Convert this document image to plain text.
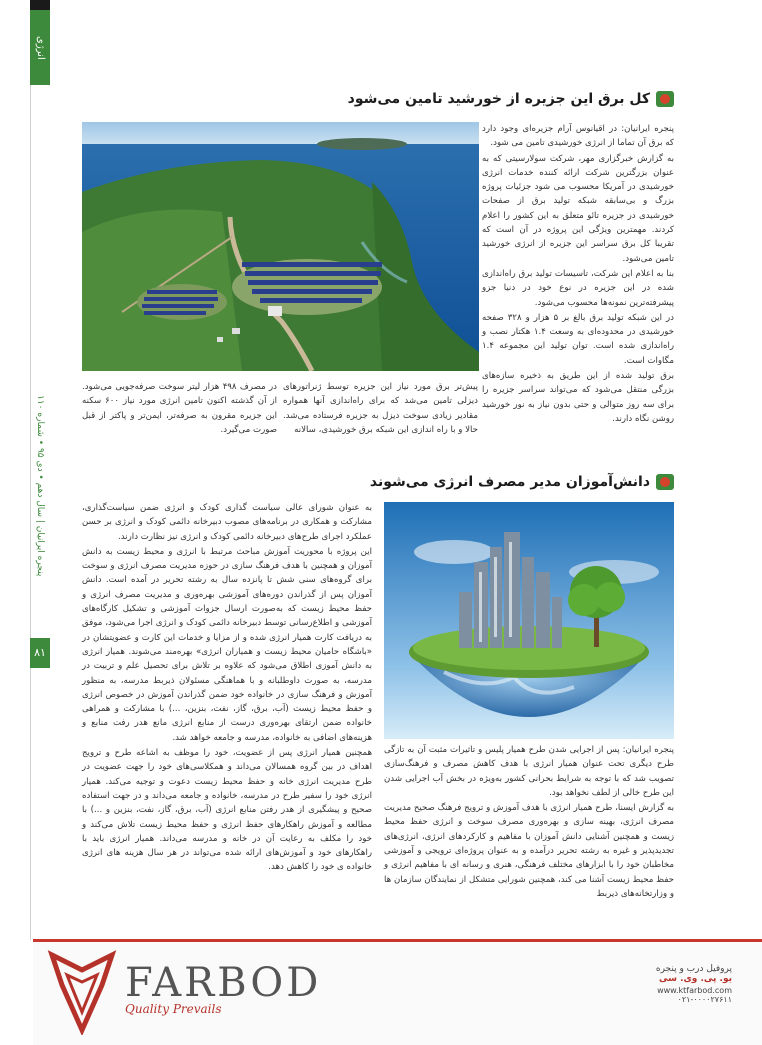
انرژی
پنجره ایرانیان | سال دهم • دی ۹۵ • شماره ۱۱۰
۸۱
کل برق این جزیره از خورشید تامین می‌شود

پنجره ایرانیان: در اقیانوس آرام جزیره‌ای وجود دارد که برق آن تماما از انرژی خورشیدی تامین می شود.

به گزارش خبرگزاری مهر، شرکت سولارسیتی که به عنوان بزرگترین شرکت ارائه کننده خدمات انرژی خورشیدی در آمریکا محسوب می شود جزئیات پروژه بزرگ و بی‌سابقه شبکه تولید برق از صفحات خورشیدی در جزیره تائو متعلق به این کشور را اعلام کردند. مهمترین ویژگی این پروژه در آن است که تقریبا کل برق سراسر این جزیره از انرژی خورشید تامین می‌شود.

بنا به اعلام این شرکت، تاسیسات تولید برق راه‌اندازی شده در این جزیره در نوع خود در دنیا جزو پیشرفته‌ترین نمونه‌ها محسوب می‌شود.

در این شبکه تولید برق بالغ بر ۵ هزار و ۳۲۸ صفحه خورشیدی در محدوده‌ای به وسعت ۱.۴ هکتار نصب و راه‌اندازی شده است. توان تولید این مجموعه ۱.۴ مگاوات است.

برق تولید شده از این طریق به ذخیره سازه‌های بزرگی منتقل می‌شود که می‌تواند سراسر جزیره را برای سه روز متوالی و حتی بدون نیاز به نور خورشید روشن نگاه دارند.

پیش‌تر برق مورد نیاز این جزیره توسط ژنراتورهای دیزلی تامین می‌شد که برای راه‌اندازی آنها همواره مقادیر زیادی سوخت دیزل به جزیره فرستاده می‌شد. حالا و با راه اندازی این شبکه برق خورشیدی، سالانه

در مصرف ۴۹۸ هزار لیتر سوخت صرفه‌جویی می‌شود. از آن گذشته اکنون تامین انرژی مورد نیاز ۶۰۰ سکنه این جزیره مقرون به صرفه‌تر، ایمن‌تر و پاکتر از قبل صورت می‌گیرد.

دانش‌آموزان مدیر مصرف انرژی می‌شوند

به عنوان شورای عالی سیاست گذاری کودک و انرژی ضمن سیاست‌گذاری، مشارکت و همکاری در برنامه‌های مصوب دبیرخانه دائمی کودک و انرژی بر حسن عملکرد اجرای طرح‌های دبیرخانه دائمی کودک و انرژی نیز نظارت دارند.

این پروژه با محوریت آموزش مباحث مرتبط با انرژی و محیط زیست به دانش آموزان و همچنین با هدف فرهنگ سازی در حوزه مدیریت مصرف انرژی و سوخت برای گروه‌های سنی شش تا پانزده سال به رشته تحریر در آمده است. دانش آموزان پس از گذراندن دوره‌های آموزشی بهره‌وری و مدیریت مصرف انرژی و حفظ محیط زیست که به‌صورت ارسال جزوات آموزشی و تشکیل کارگاه‌های آموزشی و اطلاع‌رسانی توسط دبیرخانه دائمی کودک و انرژی اجرا می‌شود، موفق به دریافت کارت همیار انرژی شده و از مزایا و خدمات این کارت و عضویتشان در «باشگاه حامیان محیط زیست و همیاران انرژی» بهره‌مند می‌شوند. همیار انرژی به دانش آموزی اطلاق می‌شود که علاوه بر تلاش برای تحصیل علم و تربیت در مدرسه، به صورت داوطلبانه و با هماهنگی مسئولان ذیربط مدرسه، به منظور آموزش و فرهنگ سازی در خانواده خود ضمن گذراندن آموزش در خصوص انرژی و حفظ محیط زیست (آب، برق، گاز، نفت، بنزین، ...) با مشارکت و همراهی خانواده ضمن ارتقای بهره‌وری درست از منابع انرژی مانع هدر رفت منابع و هزینه‌های اضافی به خانواده، مدرسه و جامعه خواهد شد.

همچنین همیار انرژی پس از عضویت، خود را موظف به اشاعه طرح و ترویج اهداف در بین گروه همسالان می‌داند و همکلاسی‌های خود را جهت عضویت در طرح مدیریت انرژی خانه و حفظ محیط زیست دعوت و توجیه می‌کند. همیار انرژی خود را سفیر طرح در مدرسه، خانواده و جامعه می‌داند و در جهت استفاده صحیح و پیشگیری از هدر رفتن منابع انرژی (آب، برق، گاز، نفت، بنزین و ...) با مطالعه و آموزش راهکارهای حفظ انرژی و حفظ محیط زیست تلاش می‌کند و خود را مکلف به رعایت آن در خانه و مدرسه می‌داند. همیار انرژی باید با راهکارهای خود و آموزش‌های ارائه شده می‌تواند در هر سال هزینه های انرژی خانواده ی خود را کاهش دهد.

پنجره ایرانیان: پس از اجرایی شدن طرح همیار پلیس و تاثیرات مثبت آن به تازگی طرح دیگری تحت عنوان همیار انرژی با هدف کاهش مصرف و فرهنگ‌سازی تصویب شد که با توجه به شرایط بحرانی کشور به‌ویژه در بخش آب اجرایی شدن این طرح خالی از لطف نخواهد بود.

به گزارش ایسنا، طرح همیار انرژی با هدف آموزش و ترویج فرهنگ صحیح مدیریت مصرف انرژی، بهینه سازی و بهره‌وری مصرف سوخت و انرژی حفظ محیط زیست و همچنین آشنایی دانش آموزان با مفاهیم و کارکردهای انرژی، انرژی‌های تجدیدپذیر و غیره به رشته تحریر درآمده و به عنوان پروژه‌ای ترویجی و آموزشی مخاطبان خود را با ابزارهای مختلف فرهنگی، هنری و رسانه ای با مفاهیم انرژی و حفظ محیط زیست آشنا می کند، همچنین شورایی متشکل از نمایندگان سازمان ها و وزارتخانه‌های ذیربط

FARBOD
Quality Prevails
پروفیل درب و پنجره
یو. پی. وی. سی
www.ktfarbod.com
۰۲۱-۰۰۰۰۲۷۶۱۱
